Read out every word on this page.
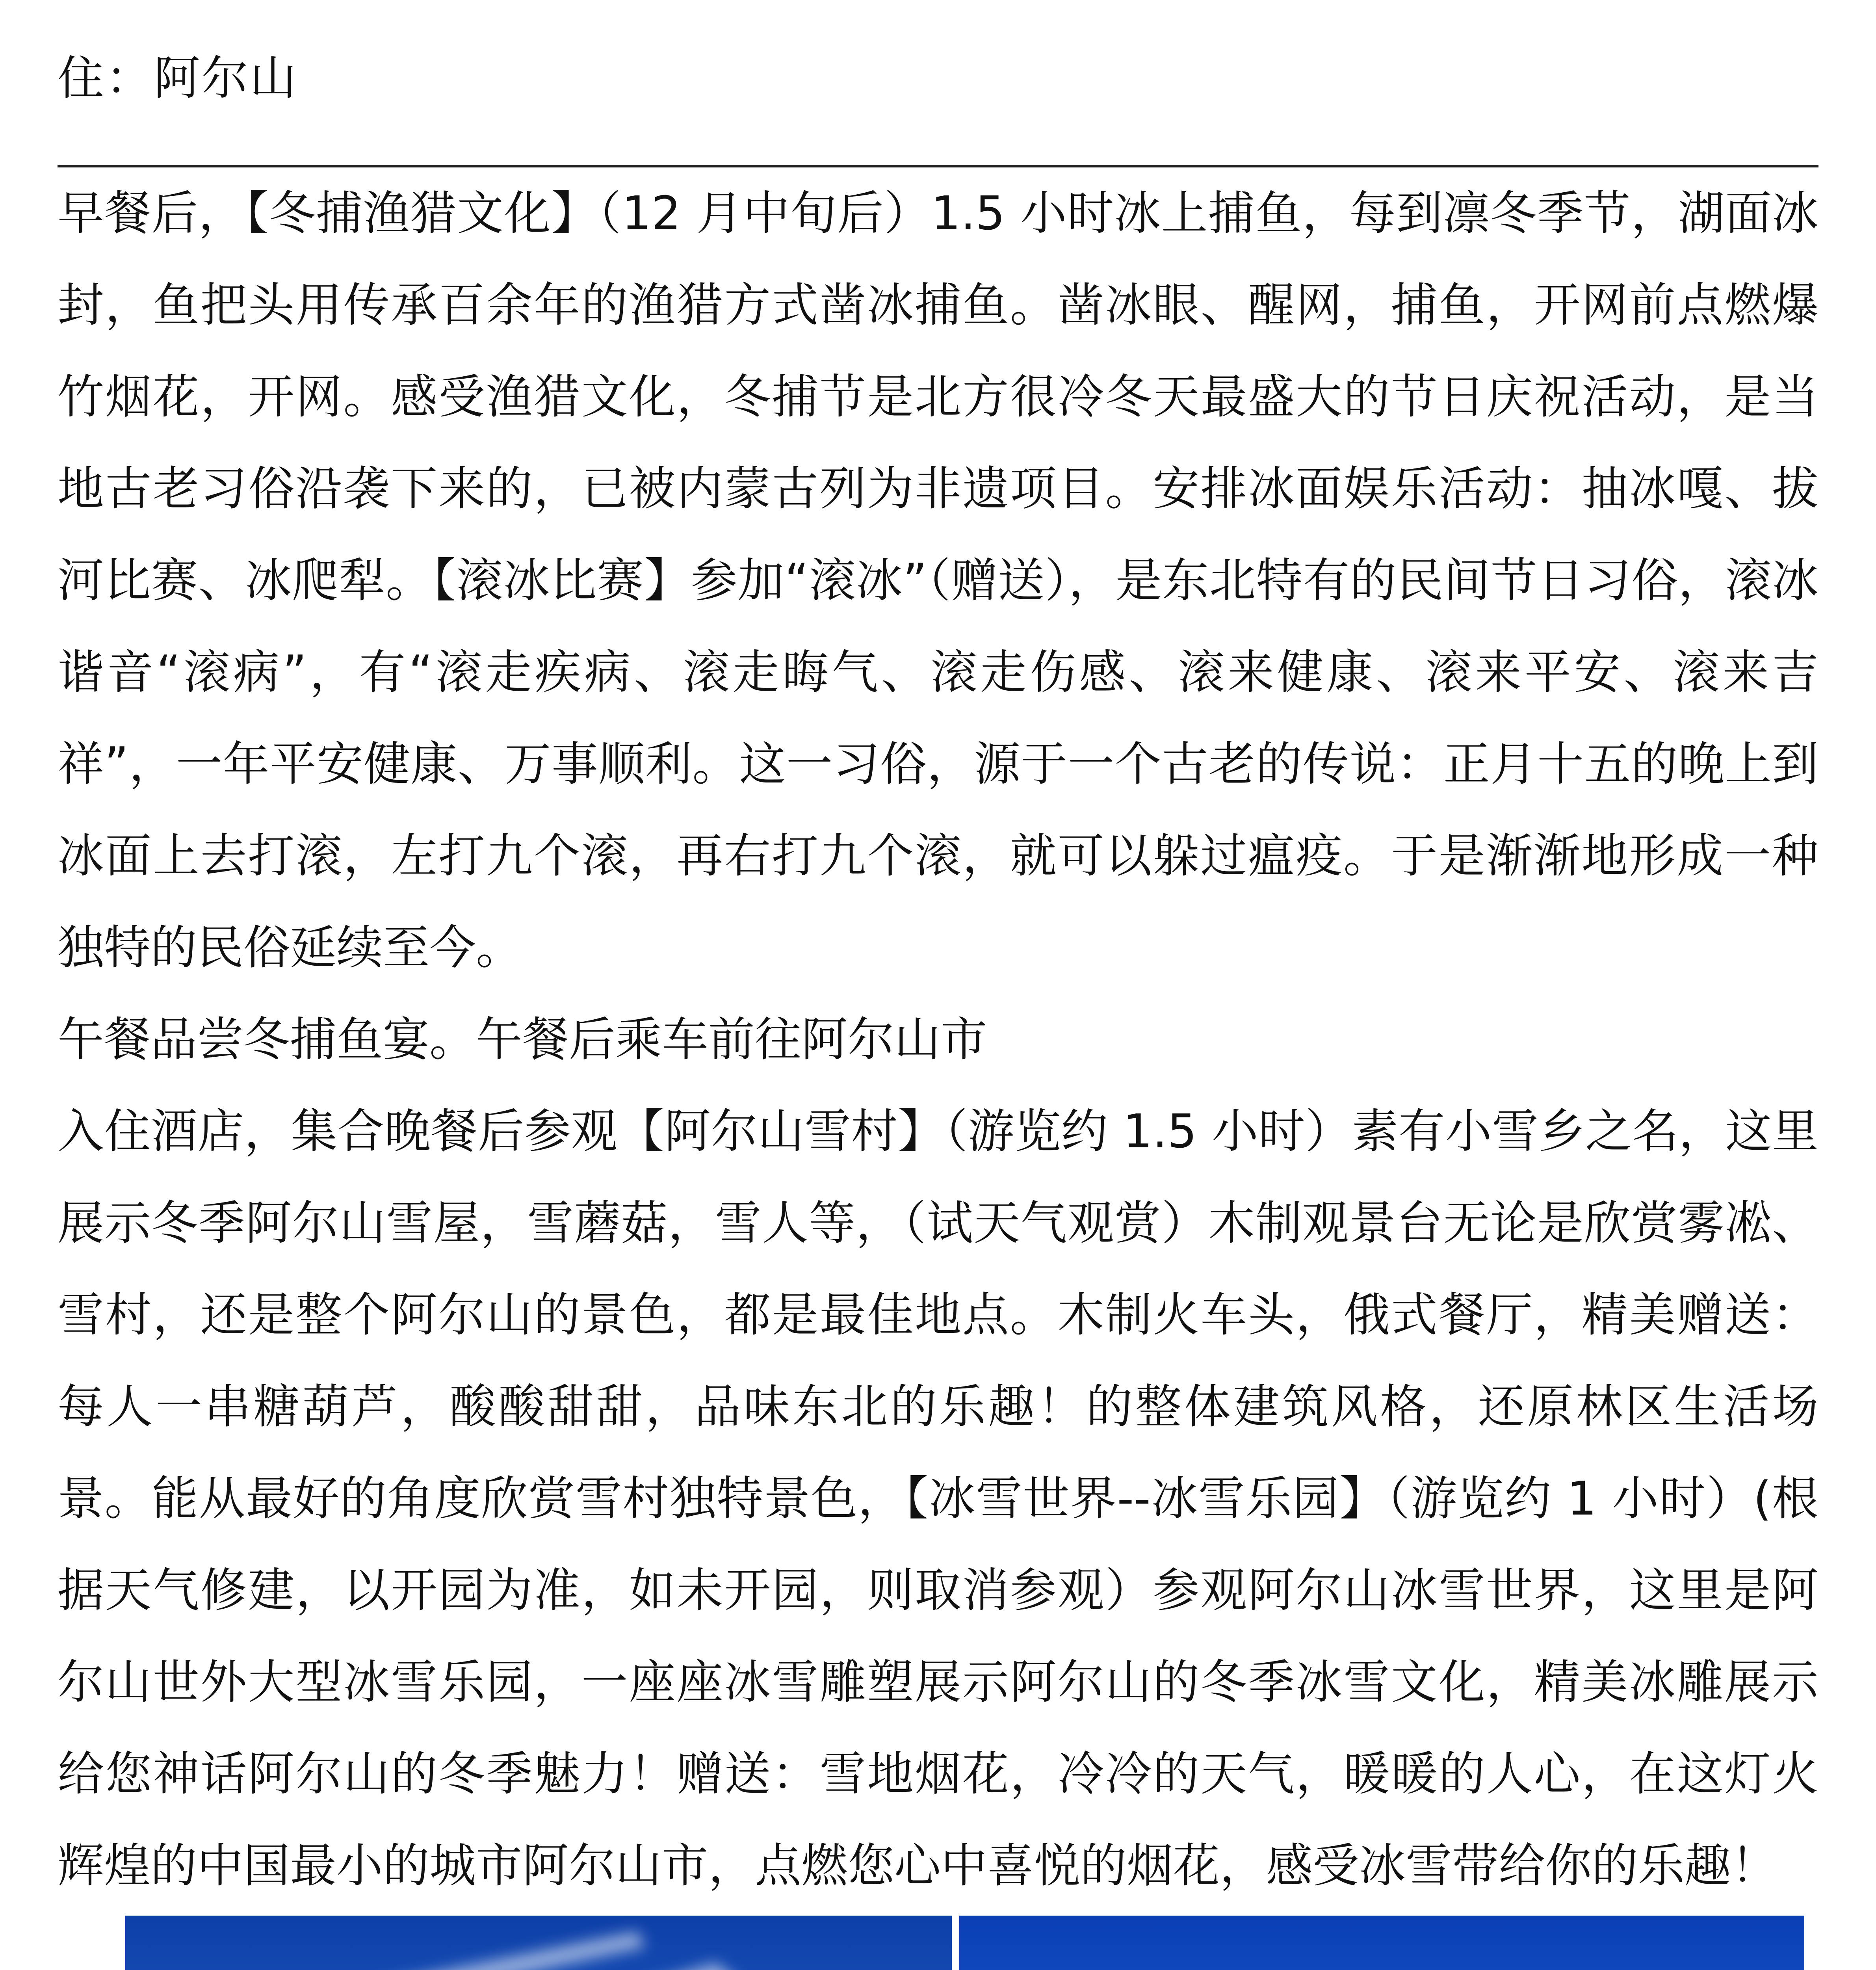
住：阿尔山

早餐后，【冬捕渔猎文化】（12 月中旬后）1.5 小时冰上捕鱼，每到凛冬季节，湖面冰封，鱼把头用传承百余年的渔猎方式凿冰捕鱼。凿冰眼、醒网，捕鱼，开网前点燃爆竹烟花，开网。感受渔猎文化，冬捕节是北方很冷冬天最盛大的节日庆祝活动，是当地古老习俗沿袭下来的，已被内蒙古列为非遗项目。安排冰面娱乐活动：抽冰嘎、拔河比赛、冰爬犁。【滚冰比赛】参加“滚冰”（赠送），是东北特有的民间节日习俗，滚冰谐音“滚病”，有“滚走疾病、滚走晦气、滚走伤感、滚来健康、滚来平安、滚来吉祥”，一年平安健康、万事顺利。这一习俗，源于一个古老的传说：正月十五的晚上到冰面上去打滚，左打九个滚，再右打九个滚，就可以躲过瘟疫。于是渐渐地形成一种独特的民俗延续至今。

午餐品尝冬捕鱼宴。午餐后乘车前往阿尔山市

入住酒店，集合晚餐后参观【阿尔山雪村】（游览约 1.5 小时）素有小雪乡之名，这里展示冬季阿尔山雪屋，雪蘑菇，雪人等，（试天气观赏）木制观景台无论是欣赏雾凇、雪村，还是整个阿尔山的景色，都是最佳地点。木制火车头，俄式餐厅，精美赠送：每人一串糖葫芦，酸酸甜甜，品味东北的乐趣！的整体建筑风格，还原林区生活场景。能从最好的角度欣赏雪村独特景色，【冰雪世界--冰雪乐园】（游览约 1 小时）(根据天气修建，以开园为准，如未开园，则取消参观）参观阿尔山冰雪世界，这里是阿尔山世外大型冰雪乐园，一座座冰雪雕塑展示阿尔山的冬季冰雪文化，精美冰雕展示给您神话阿尔山的冬季魅力！赠送：雪地烟花，冷冷的天气，暖暖的人心，在这灯火辉煌的中国最小的城市阿尔山市，点燃您心中喜悦的烟花，感受冰雪带给你的乐趣！
